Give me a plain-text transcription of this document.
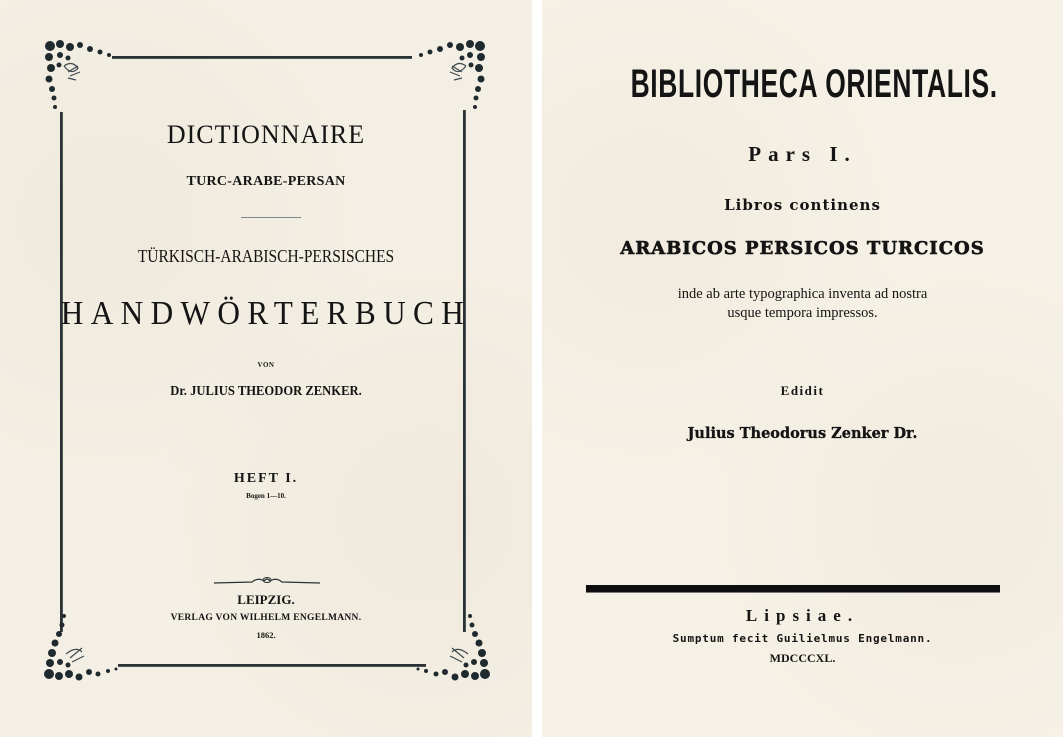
DICTIONNAIRE
TURC-ARABE-PERSAN
TÜRKISCH-ARABISCH-PERSISCHES
HANDWÖRTERBUCH
VON
Dr. JULIUS THEODOR ZENKER.
HEFT I.
Bogen 1—10.
LEIPZIG.
VERLAG VON WILHELM ENGELMANN.
1862.
BIBLIOTHECA ORIENTALIS.
Pars I.
Libros continens
ARABICOS PERSICOS TURCICOS
inde ab arte typographica inventa ad nostra
usque tempora impressos.
Edidit
Julius Theodorus Zenker Dr.
Lipsiae.
Sumptum fecit Guilielmus Engelmann.
MDCCCXL.
